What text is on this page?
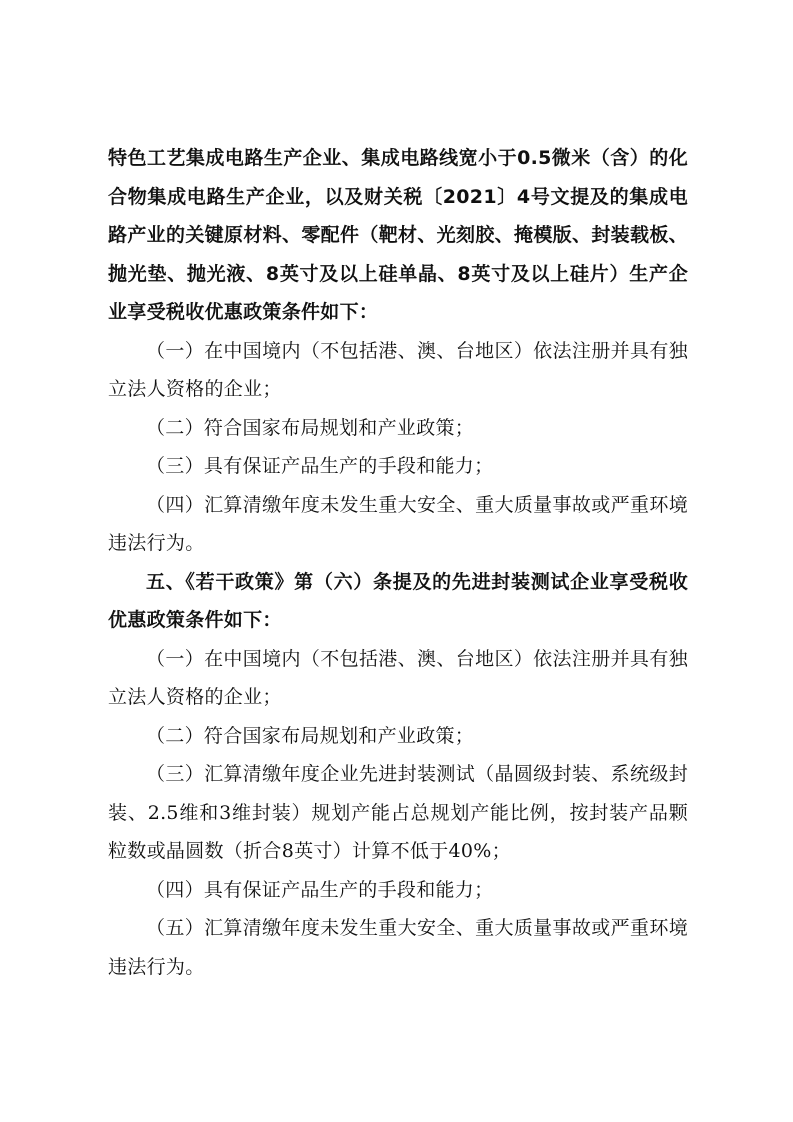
特色工艺集成电路生产企业、集成电路线宽小于0.5微米（含）的化合物集成电路生产企业，以及财关税〔2021〕4号文提及的集成电路产业的关键原材料、零配件（靶材、光刻胶、掩模版、封装载板、抛光垫、抛光液、8英寸及以上硅单晶、8英寸及以上硅片）生产企业享受税收优惠政策条件如下：

（一）在中国境内（不包括港、澳、台地区）依法注册并具有独立法人资格的企业；

（二）符合国家布局规划和产业政策；

（三）具有保证产品生产的手段和能力；

（四）汇算清缴年度未发生重大安全、重大质量事故或严重环境违法行为。

五、《若干政策》第（六）条提及的先进封装测试企业享受税收优惠政策条件如下：

（一）在中国境内（不包括港、澳、台地区）依法注册并具有独立法人资格的企业；

（二）符合国家布局规划和产业政策；

（三）汇算清缴年度企业先进封装测试（晶圆级封装、系统级封装、2.5维和3维封装）规划产能占总规划产能比例，按封装产品颗粒数或晶圆数（折合8英寸）计算不低于40%；

（四）具有保证产品生产的手段和能力；

（五）汇算清缴年度未发生重大安全、重大质量事故或严重环境违法行为。
